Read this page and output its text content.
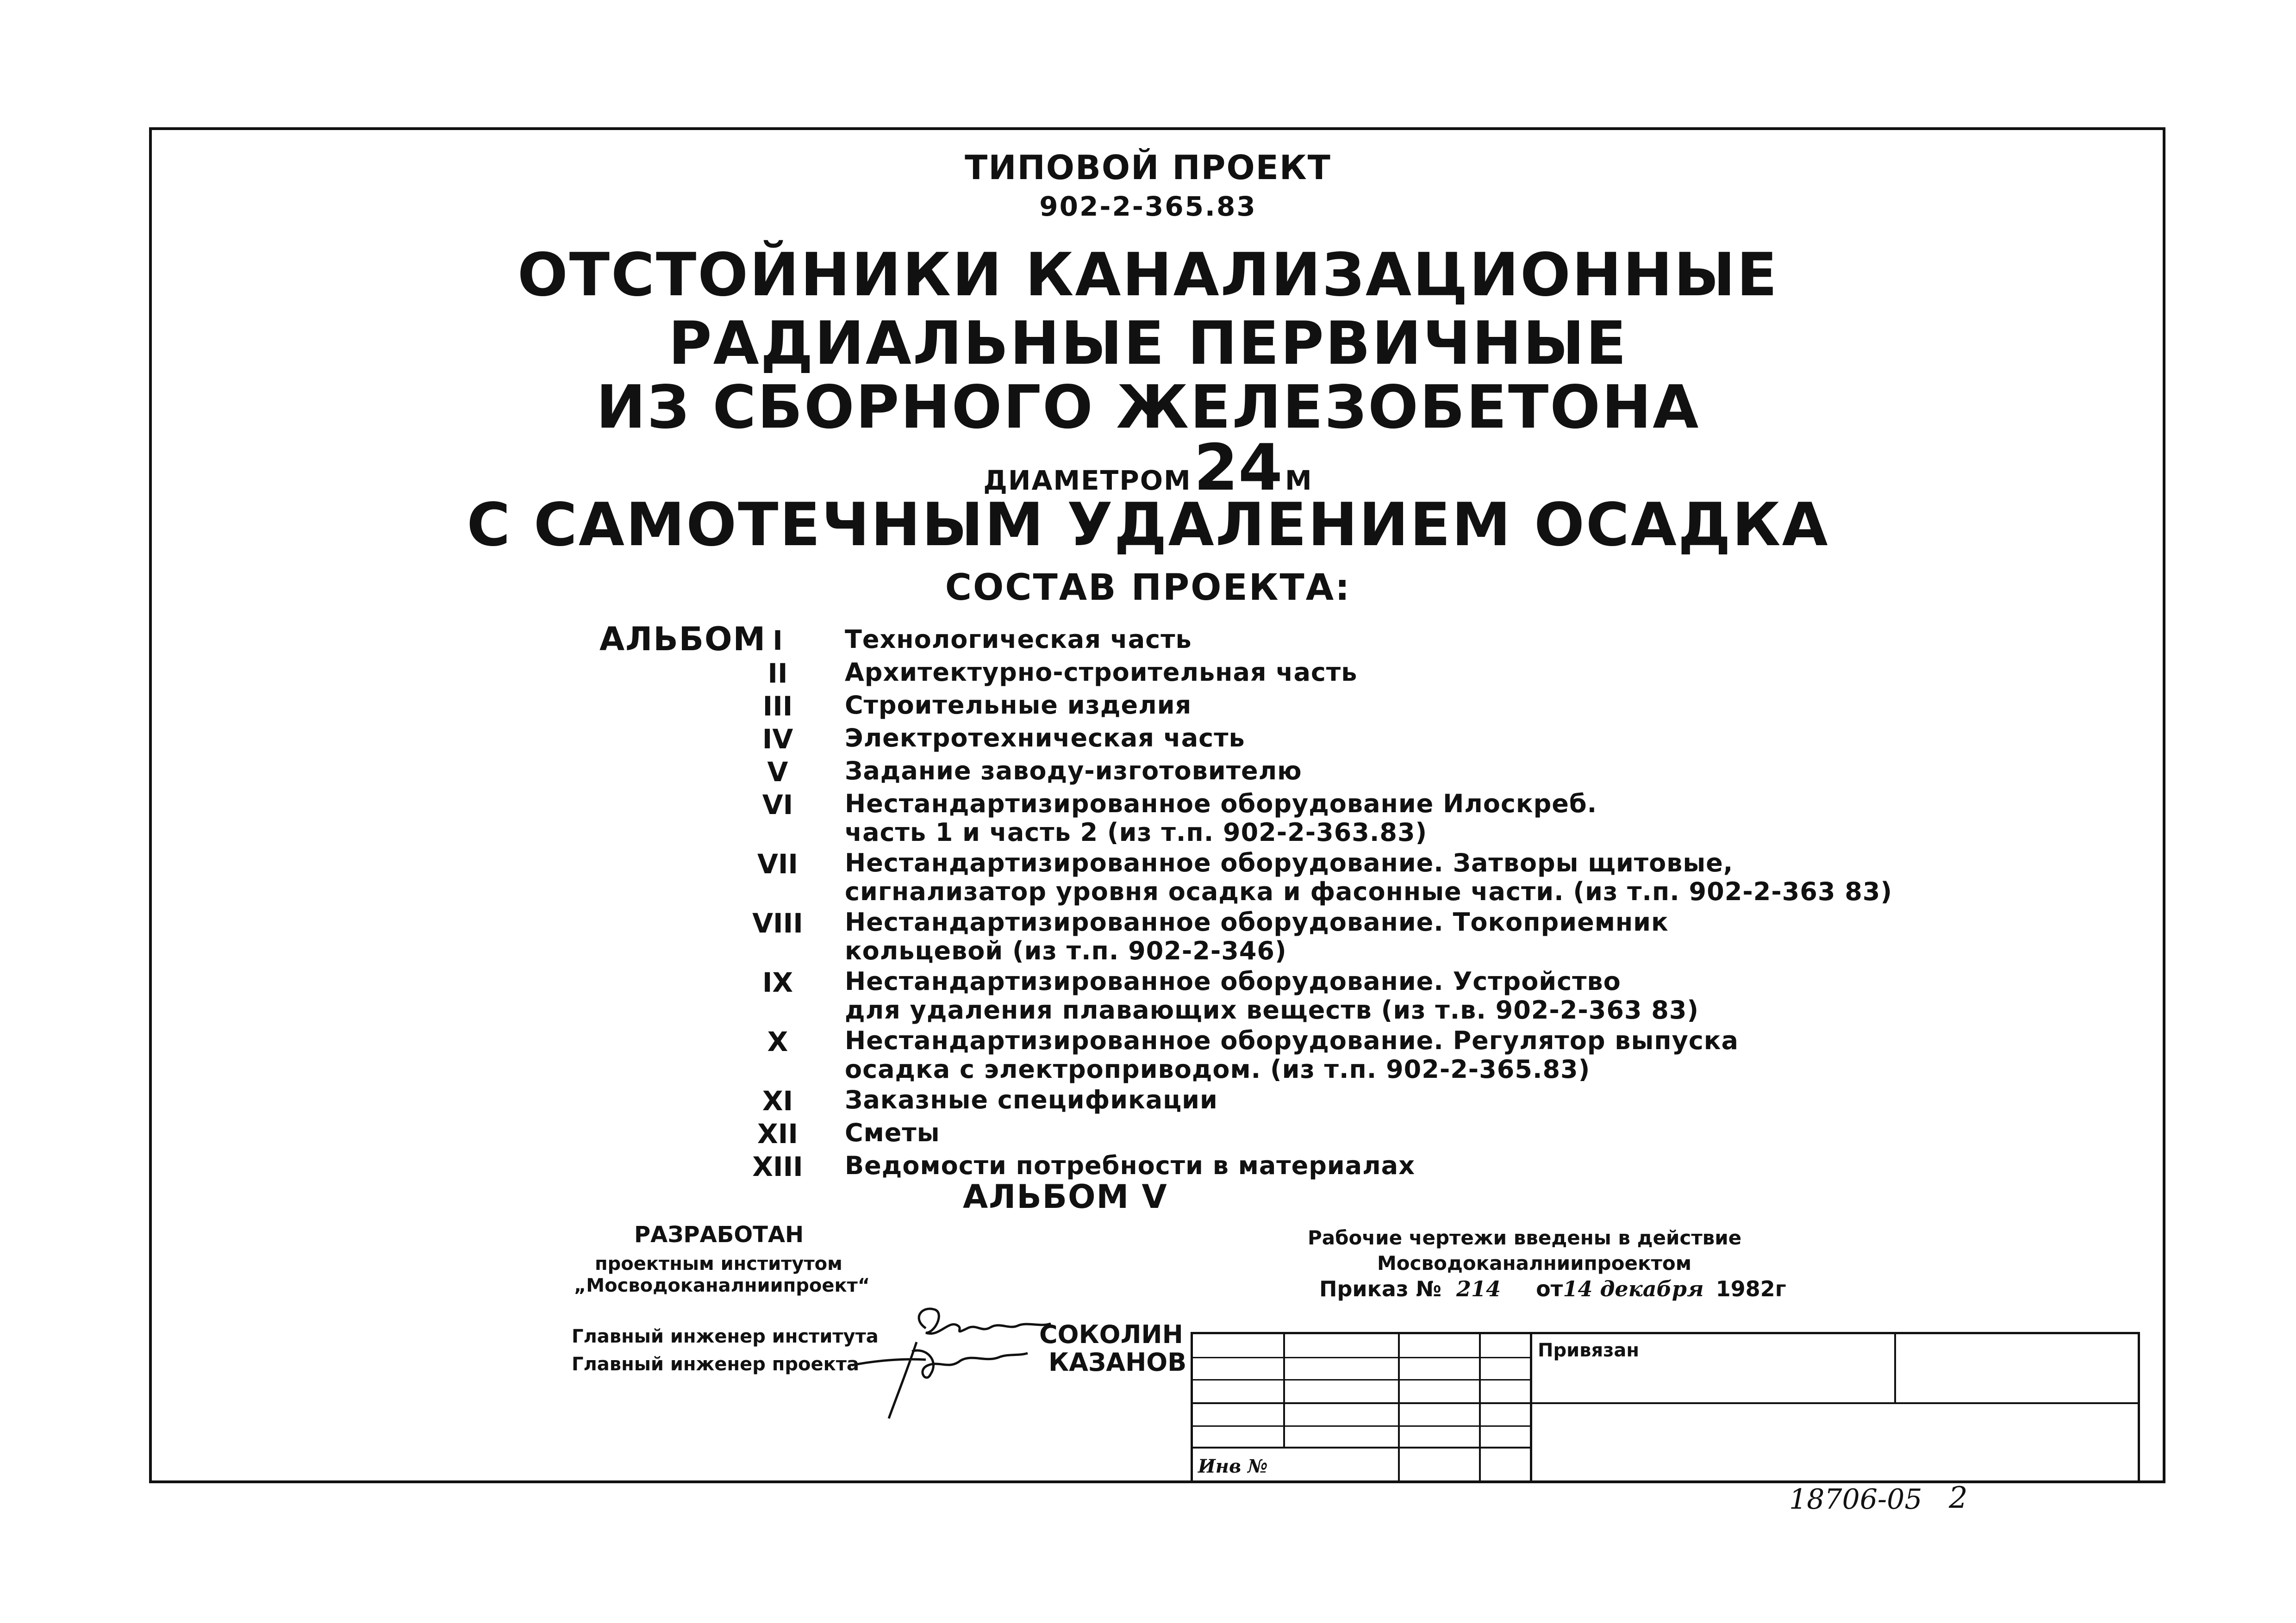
ТИПОВОЙ ПРОЕКТ
902-2-365.83
ОТСТОЙНИКИ КАНАЛИЗАЦИОННЫЕ
РАДИАЛЬНЫЕ ПЕРВИЧНЫЕ
ИЗ СБОРНОГО ЖЕЛЕЗОБЕТОНА
ДИАМЕТРОМ 24 М
С САМОТЕЧНЫМ УДАЛЕНИЕМ ОСАДКА
СОСТАВ ПРОЕКТА:
АЛЬБОМ I	Технологическая часть
II	Архитектурно-строительная часть
III	Строительные изделия
IV	Электротехническая часть
V	Задание заводу-изготовителю
VI	Нестандартизированное оборудование Илоскреб.
часть 1 и часть 2 (из т.п. 902-2-363.83)
VII Нестандартизированное оборудование. Затворы щитовые,
сигнализатор уровня осадка и фасонные части. (из т.п. 902-2-363 83)
VIII Нестандартизированное оборудование. Токоприемник
кольцевой (из т.п. 902-2-346)
IX	Нестандартизированное оборудование. Устройство
для удаления плавающих веществ (из т.в. 902-2-363 83)
X	Нестандартизированное оборудование. Регулятор выпуска
осадка с электроприводом. (из т.п. 902-2-365.83)
XI	Заказные спецификации
XII Сметы
XIII Ведомости потребности в материалах
АЛЬБОМ V
РАЗРАБОТАН
проектным институтом
„Мосводоканалниипроект“
Рабочие чертежи введены в действие
Мосводоканалниипроектом
Приказ № 214 от14 декабря 1982г
Главный инженер института	СОКОЛИН
Главный инженер проекта	КАЗАНОВ	Привязан
Инв №
18706-05 2
